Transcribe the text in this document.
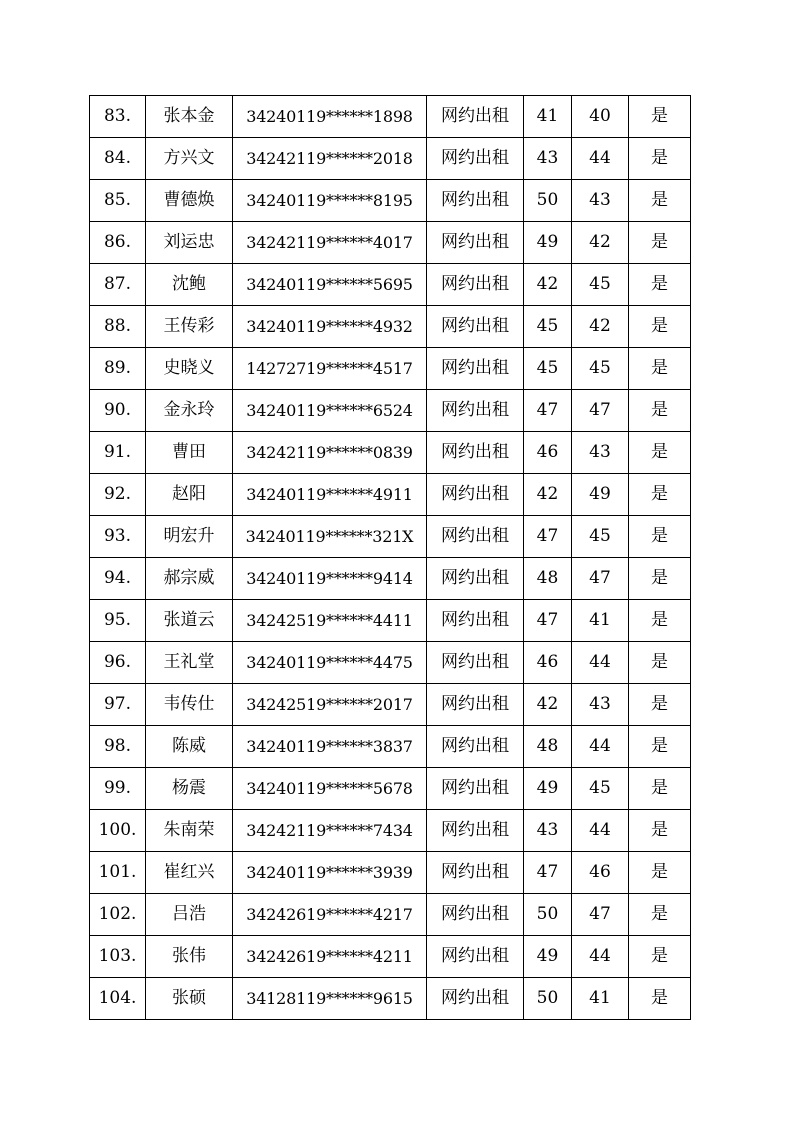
83.	张本金	34240119******1898	网约出租	41	40	是
84.	方兴文	34242119******2018	网约出租	43	44	是
85.	曹德焕	34240119******8195	网约出租	50	43	是
86.	刘运忠	34242119******4017	网约出租	49	42	是
87.	沈鲍	34240119******5695	网约出租	42	45	是
88.	王传彩	34240119******4932	网约出租	45	42	是
89.	史晓义	14272719******4517	网约出租	45	45	是
90.	金永玲	34240119******6524	网约出租	47	47	是
91.	曹田	34242119******0839	网约出租	46	43	是
92.	赵阳	34240119******4911	网约出租	42	49	是
93.	明宏升	34240119******321X	网约出租	47	45	是
94.	郝宗威	34240119******9414	网约出租	48	47	是
95.	张道云	34242519******4411	网约出租	47	41	是
96.	王礼堂	34240119******4475	网约出租	46	44	是
97.	韦传仕	34242519******2017	网约出租	42	43	是
98.	陈威	34240119******3837	网约出租	48	44	是
99.	杨震	34240119******5678	网约出租	49	45	是
100.	朱南荣	34242119******7434	网约出租	43	44	是
101.	崔红兴	34240119******3939	网约出租	47	46	是
102.	吕浩	34242619******4217	网约出租	50	47	是
103.	张伟	34242619******4211	网约出租	49	44	是
104.	张硕	34128119******9615	网约出租	50	41	是
